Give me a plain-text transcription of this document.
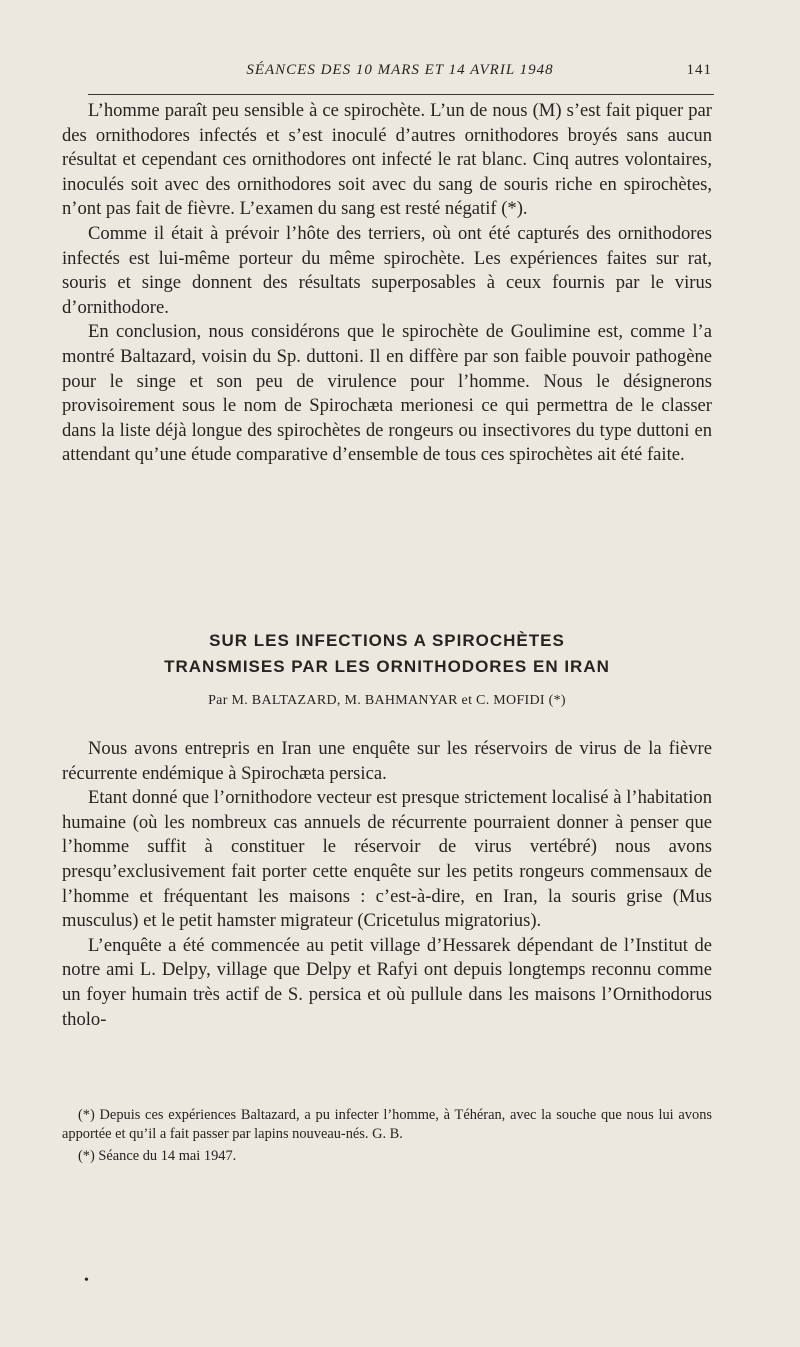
SÉANCES DES 10 MARS ET 14 AVRIL 1948	141

L’homme paraît peu sensible à ce spirochète. L’un de nous (M) s’est fait piquer par des ornithodores infectés et s’est inoculé d’autres ornithodores broyés sans aucun résultat et cependant ces ornithodores ont infecté le rat blanc. Cinq autres volontaires, inoculés soit avec des ornithodores soit avec du sang de souris riche en spirochètes, n’ont pas fait de fièvre. L’examen du sang est resté négatif (*).

Comme il était à prévoir l’hôte des terriers, où ont été capturés des ornithodores infectés est lui-même porteur du même spirochète. Les expériences faites sur rat, souris et singe donnent des résultats superposables à ceux fournis par le virus d’ornithodore.

En conclusion, nous considérons que le spirochète de Goulimine est, comme l’a montré Baltazard, voisin du Sp. duttoni. Il en diffère par son faible pouvoir pathogène pour le singe et son peu de virulence pour l’homme. Nous le désignerons provisoirement sous le nom de Spirochæta merionesi ce qui permettra de le classer dans la liste déjà longue des spirochètes de rongeurs ou insectivores du type duttoni en attendant qu’une étude comparative d’ensemble de tous ces spirochètes ait été faite.

SUR LES INFECTIONS A SPIROCHÈTES
TRANSMISES PAR LES ORNITHODORES EN IRAN
Par M. BALTAZARD, M. BAHMANYAR et C. MOFIDI (*)

Nous avons entrepris en Iran une enquête sur les réservoirs de virus de la fièvre récurrente endémique à Spirochæta persica.

Etant donné que l’ornithodore vecteur est presque strictement localisé à l’habitation humaine (où les nombreux cas annuels de récurrente pourraient donner à penser que l’homme suffit à constituer le réservoir de virus vertébré) nous avons presqu’exclusivement fait porter cette enquête sur les petits rongeurs commensaux de l’homme et fréquentant les maisons : c’est-à-dire, en Iran, la souris grise (Mus musculus) et le petit hamster migrateur (Cricetulus migratorius).

L’enquête a été commencée au petit village d’Hessarek dépendant de l’Institut de notre ami L. Delpy, village que Delpy et Rafyi ont depuis longtemps reconnu comme un foyer humain très actif de S. persica et où pullule dans les maisons l’Ornithodorus tholo-

(*) Depuis ces expériences Baltazard, a pu infecter l’homme, à Téhéran, avec la souche que nous lui avons apportée et qu’il a fait passer par lapins nouveau-nés. G. B.

(*) Séance du 14 mai 1947.

•
